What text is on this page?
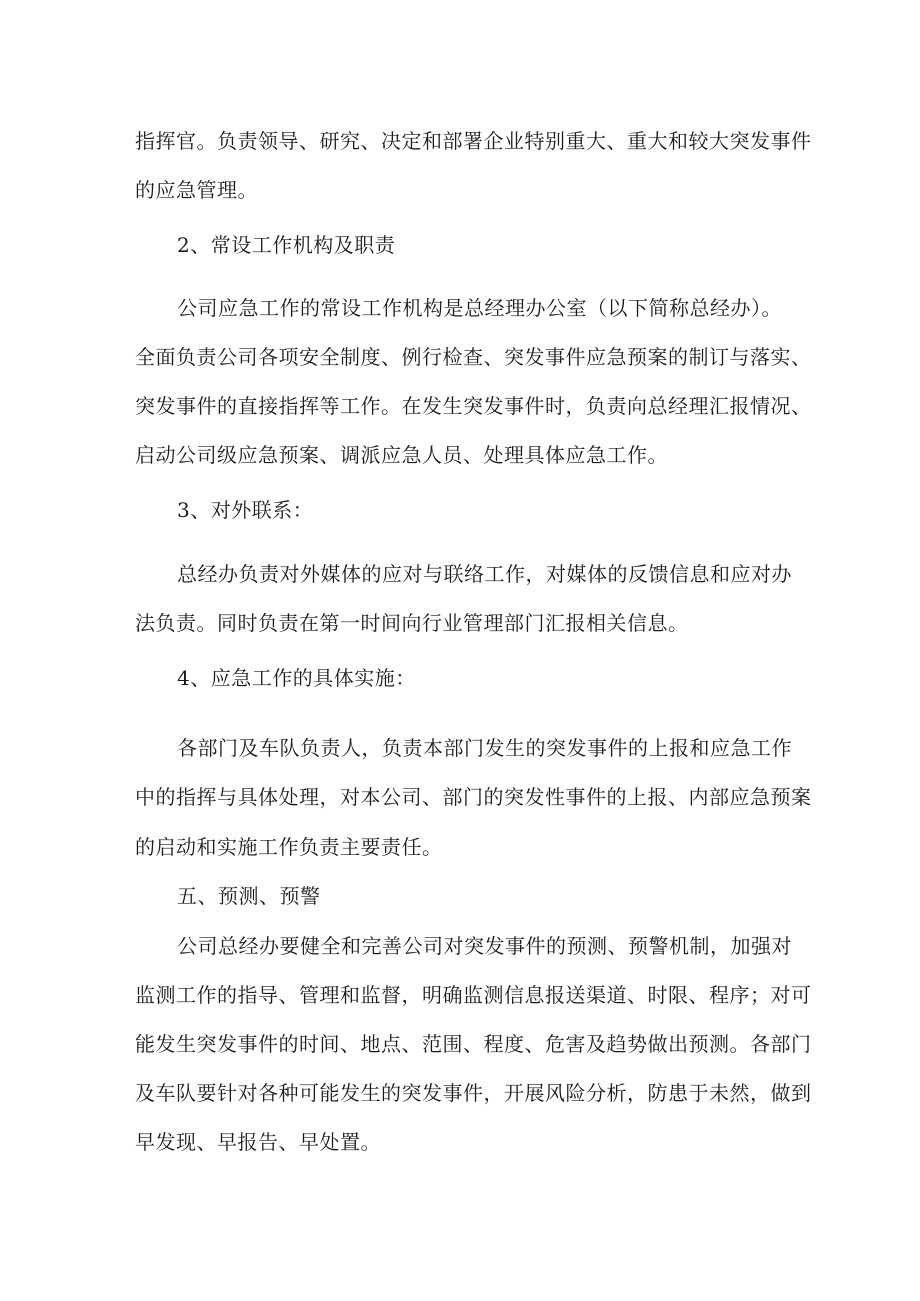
指挥官。负责领导、研究、决定和部署企业特别重大、重大和较大突发事件
的应急管理。
2、常设工作机构及职责
公司应急工作的常设工作机构是总经理办公室（以下简称总经办）。
全面负责公司各项安全制度、例行检查、突发事件应急预案的制订与落实、
突发事件的直接指挥等工作。在发生突发事件时，负责向总经理汇报情况、
启动公司级应急预案、调派应急人员、处理具体应急工作。
3、对外联系：
总经办负责对外媒体的应对与联络工作，对媒体的反馈信息和应对办
法负责。同时负责在第一时间向行业管理部门汇报相关信息。
4、应急工作的具体实施：
各部门及车队负责人，负责本部门发生的突发事件的上报和应急工作
中的指挥与具体处理，对本公司、部门的突发性事件的上报、内部应急预案
的启动和实施工作负责主要责任。
五、预测、预警
公司总经办要健全和完善公司对突发事件的预测、预警机制，加强对
监测工作的指导、管理和监督，明确监测信息报送渠道、时限、程序；对可
能发生突发事件的时间、地点、范围、程度、危害及趋势做出预测。各部门
及车队要针对各种可能发生的突发事件，开展风险分析，防患于未然，做到
早发现、早报告、早处置。
